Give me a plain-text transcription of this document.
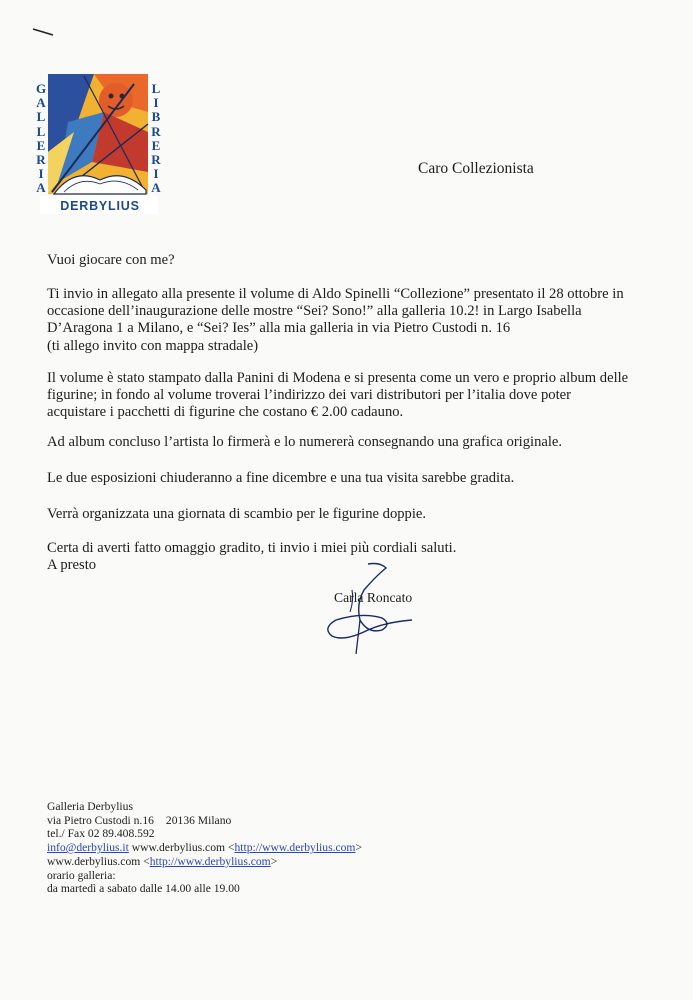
G
A
L
L
E
R
I
A
L
I
B
R
E
R
I
A
DERBYLIUS
Caro Collezionista

Vuoi giocare con me?

Ti invio in allegato alla presente il volume di Aldo Spinelli “Collezione” presentato il 28 ottobre in
occasione dell’inaugurazione delle mostre “Sei? Sono!” alla galleria 10.2! in Largo Isabella
D’Aragona 1 a Milano, e “Sei? Ies” alla mia galleria in via Pietro Custodi n. 16
(ti allego invito con mappa stradale)

Il volume è stato stampato dalla Panini di Modena e si presenta come un vero e proprio album delle
figurine; in fondo al volume troverai l’indirizzo dei vari distributori per l’italia dove poter
acquistare i pacchetti di figurine che costano € 2.00 cadauno.

Ad album concluso l’artista lo firmerà e lo numererà consegnando una grafica originale.

Le due esposizioni chiuderanno a fine dicembre e una tua visita sarebbe gradita.

Verrà organizzata una giornata di scambio per le figurine doppie.

Certa di averti fatto omaggio gradito, ti invio i miei più cordiali saluti.
A presto

Carla Roncato
Galleria Derbylius
via Pietro Custodi n.16 20136 Milano
tel./ Fax 02 89.408.592
info@derbylius.it www.derbylius.com <http://www.derbylius.com>
www.derbylius.com <http://www.derbylius.com>
orario galleria:
da martedì a sabato dalle 14.00 alle 19.00
